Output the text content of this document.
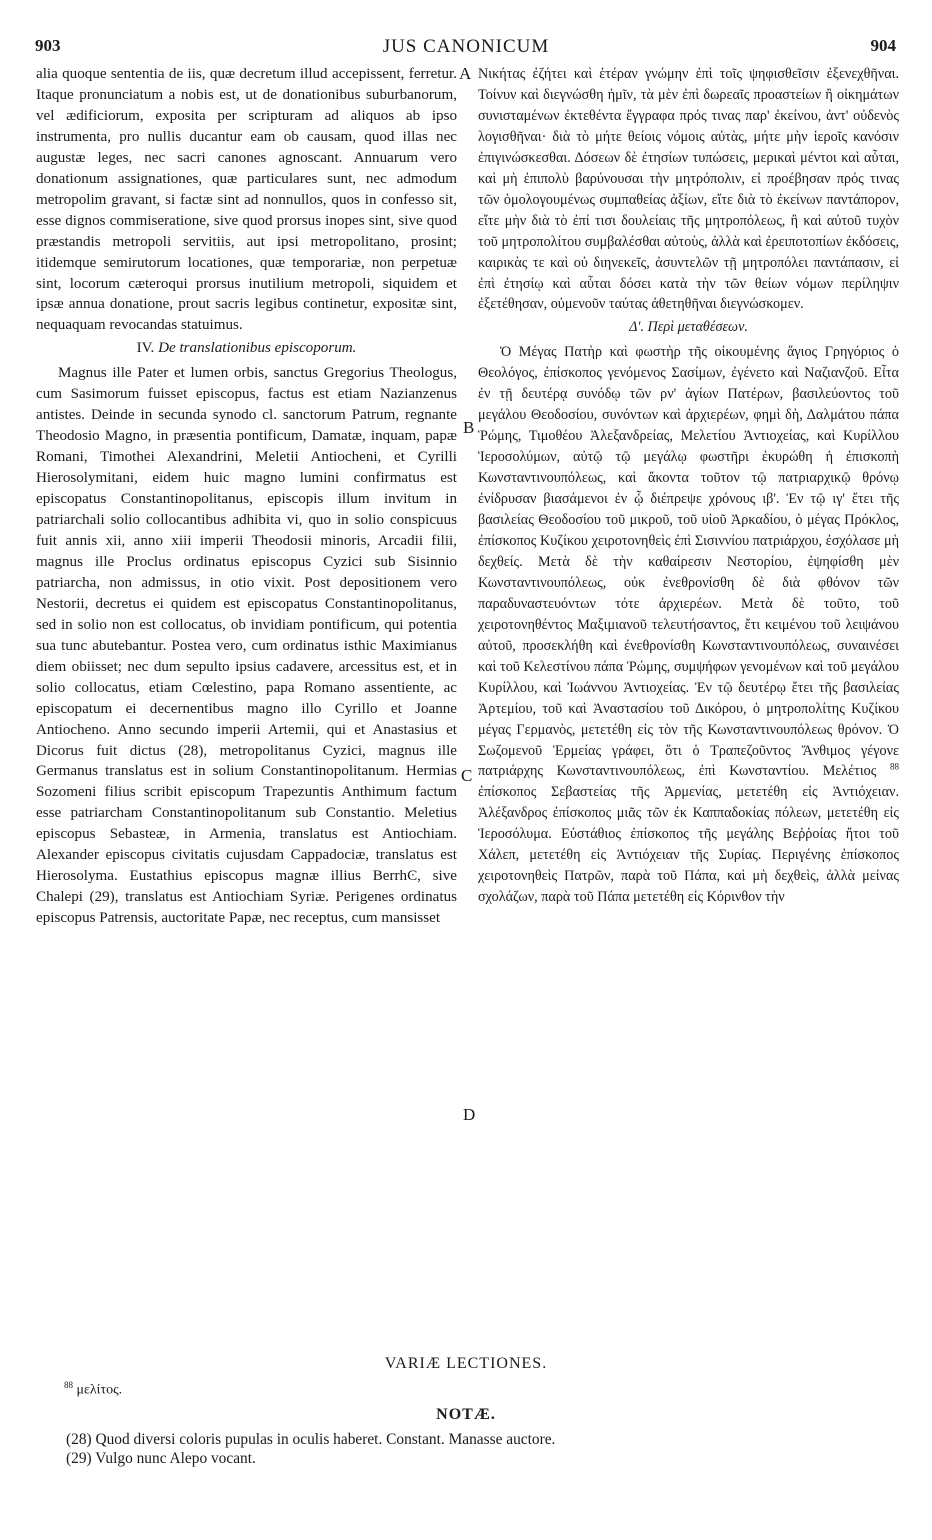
903	JUS CANONICUM	904

alia quoque sententia de iis, quæ decretum illud accepissent, ferretur. Itaque pronunciatum a nobis est, ut de donationibus suburbanorum, vel ædificiorum, exposita per scripturam ad aliquos ab ipso instrumenta, pro nullis ducantur eam ob causam, quod illas nec augustæ leges, nec sacri canones agnoscant. Annuarum vero donationum assignationes, quæ particulares sunt, nec admodum metropolim gravant, si factæ sint ad nonnullos, quos in confesso sit, esse dignos commiseratione, sive quod prorsus inopes sint, sive quod præstandis metropoli servitiis, aut ipsi metropolitano, prosint; itidemque semirutorum locationes, quæ temporariæ, non perpetuæ sint, locorum cæteroqui prorsus inutilium metropoli, siquidem et ipsæ annua donatione, prout sacris legibus continetur, expositæ sint, nequaquam revocandas statuimus.

IV. De translationibus episcoporum.

Magnus ille Pater et lumen orbis, sanctus Gregorius Theologus, cum Sasimorum fuisset episcopus, factus est etiam Nazianzenus antistes. Deinde in secunda synodo cl. sanctorum Patrum, regnante Theodosio Magno, in præsentia pontificum, Damatæ, inquam, papæ Romani, Timothei Alexandrini, Meletii Antiocheni, et Cyrilli Hierosolymitani, eidem huic magno lumini confirmatus est episcopatus Constantinopolitanus, episcopis illum invitum in patriarchali solio collocantibus adhibita vi, quo in solio conspicuus fuit annis xii, anno xiii imperii Theodosii minoris, Arcadii filii, magnus ille Proclus ordinatus episcopus Cyzici sub Sisinnio patriarcha, non admissus, in otio vixit. Post depositionem vero Nestorii, decretus ei quidem est episcopatus Constantinopolitanus, sed in solio non est collocatus, ob invidiam pontificum, qui potentia sua tunc abutebantur. Postea vero, cum ordinatus isthic Maximianus diem obiisset; nec dum sepulto ipsius cadavere, arcessitus est, et in solio collocatus, etiam Cœlestino, papa Romano assentiente, ac episcopatum ei decernentibus magno illo Cyrillo et Joanne Antiocheno. Anno secundo imperii Artemii, qui et Anastasius et Dicorus fuit dictus (28), metropolitanus Cyzici, magnus ille Germanus translatus est in solium Constantinopolitanum. Hermias Sozomeni filius scribit episcopum Trapezuntis Anthimum factum esse patriarcham Constantinopolitanum sub Constantio. Meletius episcopus Sebasteæ, in Armenia, translatus est Antiochiam. Alexander episcopus civitatis cujusdam Cappadociæ, translatus est Hierosolyma. Eustathius episcopus magnæ illius BerrhϾ, sive Chalepi (29), translatus est Antiochiam Syriæ. Perigenes ordinatus episcopus Patrensis, auctoritate Papæ, nec receptus, cum mansisset

A
B
C
D

Νικήτας ἐζήτει καὶ ἑτέραν γνώμην ἐπὶ τοῖς ψηφισθεῖσιν ἐξενεχθῆναι. Τοίνυν καὶ διεγνώσθη ἡμῖν, τὰ μὲν ἐπὶ δωρεαῖς προαστείων ἢ οἰκημάτων συνισταμένων ἐκτεθέντα ἔγγραφα πρός τινας παρ' ἐκείνου, ἀντ' οὐδενὸς λογισθῆναι· διὰ τὸ μήτε θείοις νόμοις αὐτὰς, μήτε μὴν ἱεροῖς κανόσιν ἐπιγινώσκεσθαι. Δόσεων δὲ ἐτησίων τυπώσεις, μερικαὶ μέντοι καὶ αὗται, καὶ μὴ ἐπιπολὺ βαρύνουσαι τὴν μητρόπολιν, εἰ προέβησαν πρός τινας τῶν ὁμολογουμένως συμπαθείας ἀξίων, εἴτε διὰ τὸ ἐκείνων παντάπορον, εἴτε μὴν διὰ τὸ ἐπί τισι δουλείαις τῆς μητροπόλεως, ἢ καὶ αὐτοῦ τυχὸν τοῦ μητροπολίτου συμβαλέσθαι αὐτοὺς, ἀλλὰ καὶ ἐρειποτοπίων ἐκδόσεις, καιρικὰς τε καὶ οὐ διηνεκεῖς, ἀσυντελῶν τῇ μητροπόλει παντάπασιν, εἰ ἐπὶ ἐτησίῳ καὶ αὗται δόσει κατὰ τὴν τῶν θείων νόμων περίληψιν ἐξετέθησαν, οὐμενοῦν ταύτας ἀθετηθῆναι διεγνώσκομεν.

Δ'. Περὶ μεταθέσεων.

Ὁ Μέγας Πατὴρ καὶ φωστὴρ τῆς οἰκουμένης ἅγιος Γρηγόριος ὁ Θεολόγος, ἐπίσκοπος γενόμενος Σασίμων, ἐγένετο καὶ Ναζιανζοῦ. Εἶτα ἐν τῇ δευτέρᾳ συνόδῳ τῶν ρν' ἁγίων Πατέρων, βασιλεύοντος τοῦ μεγάλου Θεοδοσίου, συνόντων καὶ ἀρχιερέων, φημὶ δὴ, Δαλμάτου πάπα Ῥώμης, Τιμοθέου Ἀλεξανδρείας, Μελετίου Ἀντιοχείας, καὶ Κυρίλλου Ἱεροσολύμων, αὐτῷ τῷ μεγάλῳ φωστῆρι ἐκυρώθη ἡ ἐπισκοπὴ Κωνσταντινουπόλεως, καὶ ἄκοντα τοῦτον τῷ πατριαρχικῷ θρόνῳ ἐνίδρυσαν βιασάμενοι ἐν ᾧ διέπρεψε χρόνους ιβ'. Ἐν τῷ ιγ' ἔτει τῆς βασιλείας Θεοδοσίου τοῦ μικροῦ, τοῦ υἱοῦ Ἀρκαδίου, ὁ μέγας Πρόκλος, ἐπίσκοπος Κυζίκου χειροτονηθεὶς ἐπὶ Σισιννίου πατριάρχου, ἐσχόλασε μὴ δεχθείς. Μετὰ δὲ τὴν καθαίρεσιν Νεστορίου, ἐψηφίσθη μὲν Κωνσταντινουπόλεως, οὐκ ἐνεθρονίσθη δὲ διὰ φθόνον τῶν παραδυναστευόντων τότε ἀρχιερέων. Μετὰ δὲ τοῦτο, τοῦ χειροτονηθέντος Μαξιμιανοῦ τελευτήσαντος, ἔτι κειμένου τοῦ λειψάνου αὐτοῦ, προσεκλήθη καὶ ἐνεθρονίσθη Κωνσταντινουπόλεως, συναινέσει καὶ τοῦ Κελεστίνου πάπα Ῥώμης, συμψήφων γενομένων καὶ τοῦ μεγάλου Κυρίλλου, καὶ Ἰωάννου Ἀντιοχείας. Ἐν τῷ δευτέρῳ ἔτει τῆς βασιλείας Ἀρτεμίου, τοῦ καὶ Ἀναστασίου τοῦ Δικόρου, ὁ μητροπολίτης Κυζίκου μέγας Γερμανὸς, μετετέθη εἰς τὸν τῆς Κωνσταντινουπόλεως θρόνον. Ὁ Σωζομενοῦ Ἑρμείας γράφει, ὅτι ὁ Τραπεζοῦντος Ἄνθιμος γέγονε πατριάρχης Κωνσταντινουπόλεως, ἐπὶ Κωνσταντίου. Μελέτιος $^{88}$ ἐπίσκοπος Σεβαστείας τῆς Ἀρμενίας, μετετέθη εἰς Ἀντιόχειαν. Ἀλέξανδρος ἐπίσκοπος μιᾶς τῶν ἐκ Καππαδοκίας πόλεων, μετετέθη εἰς Ἱεροσόλυμα. Εὐστάθιος ἐπίσκοπος τῆς μεγάλης Βεῤῥοίας ἤτοι τοῦ Χάλεπ, μετετέθη εἰς Ἀντιόχειαν τῆς Συρίας. Περιγένης ἐπίσκοπος χειροτονηθεὶς Πατρῶν, παρὰ τοῦ Πάπα, καὶ μὴ δεχθεὶς, ἀλλὰ μείνας σχολάζων, παρὰ τοῦ Πάπα μετετέθη εἰς Κόρινθον τὴν

VARIÆ LECTIONES.
$^{88}$ μελίτος.
NOTÆ.
(28) Quod diversi coloris pupulas in oculis haberet. Constant. Manasse auctore.
(29) Vulgo nunc Alepo vocant.
